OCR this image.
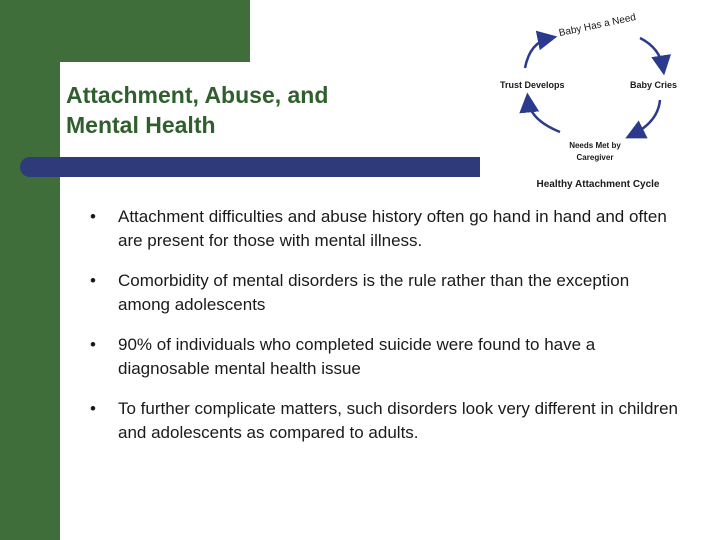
Attachment, Abuse, and
Mental Health
Baby Has a Need
Trust Develops	Baby Cries
Needs Met by
Caregiver
Healthy Attachment Cycle
• Attachment difficulties and abuse history often go hand in hand and often are present for those with mental illness.
• Comorbidity of mental disorders is the rule rather than the exception among adolescents
• 90% of individuals who completed suicide were found to have a diagnosable mental health issue
• To further complicate matters, such disorders look very different in children and adolescents as compared to adults.
